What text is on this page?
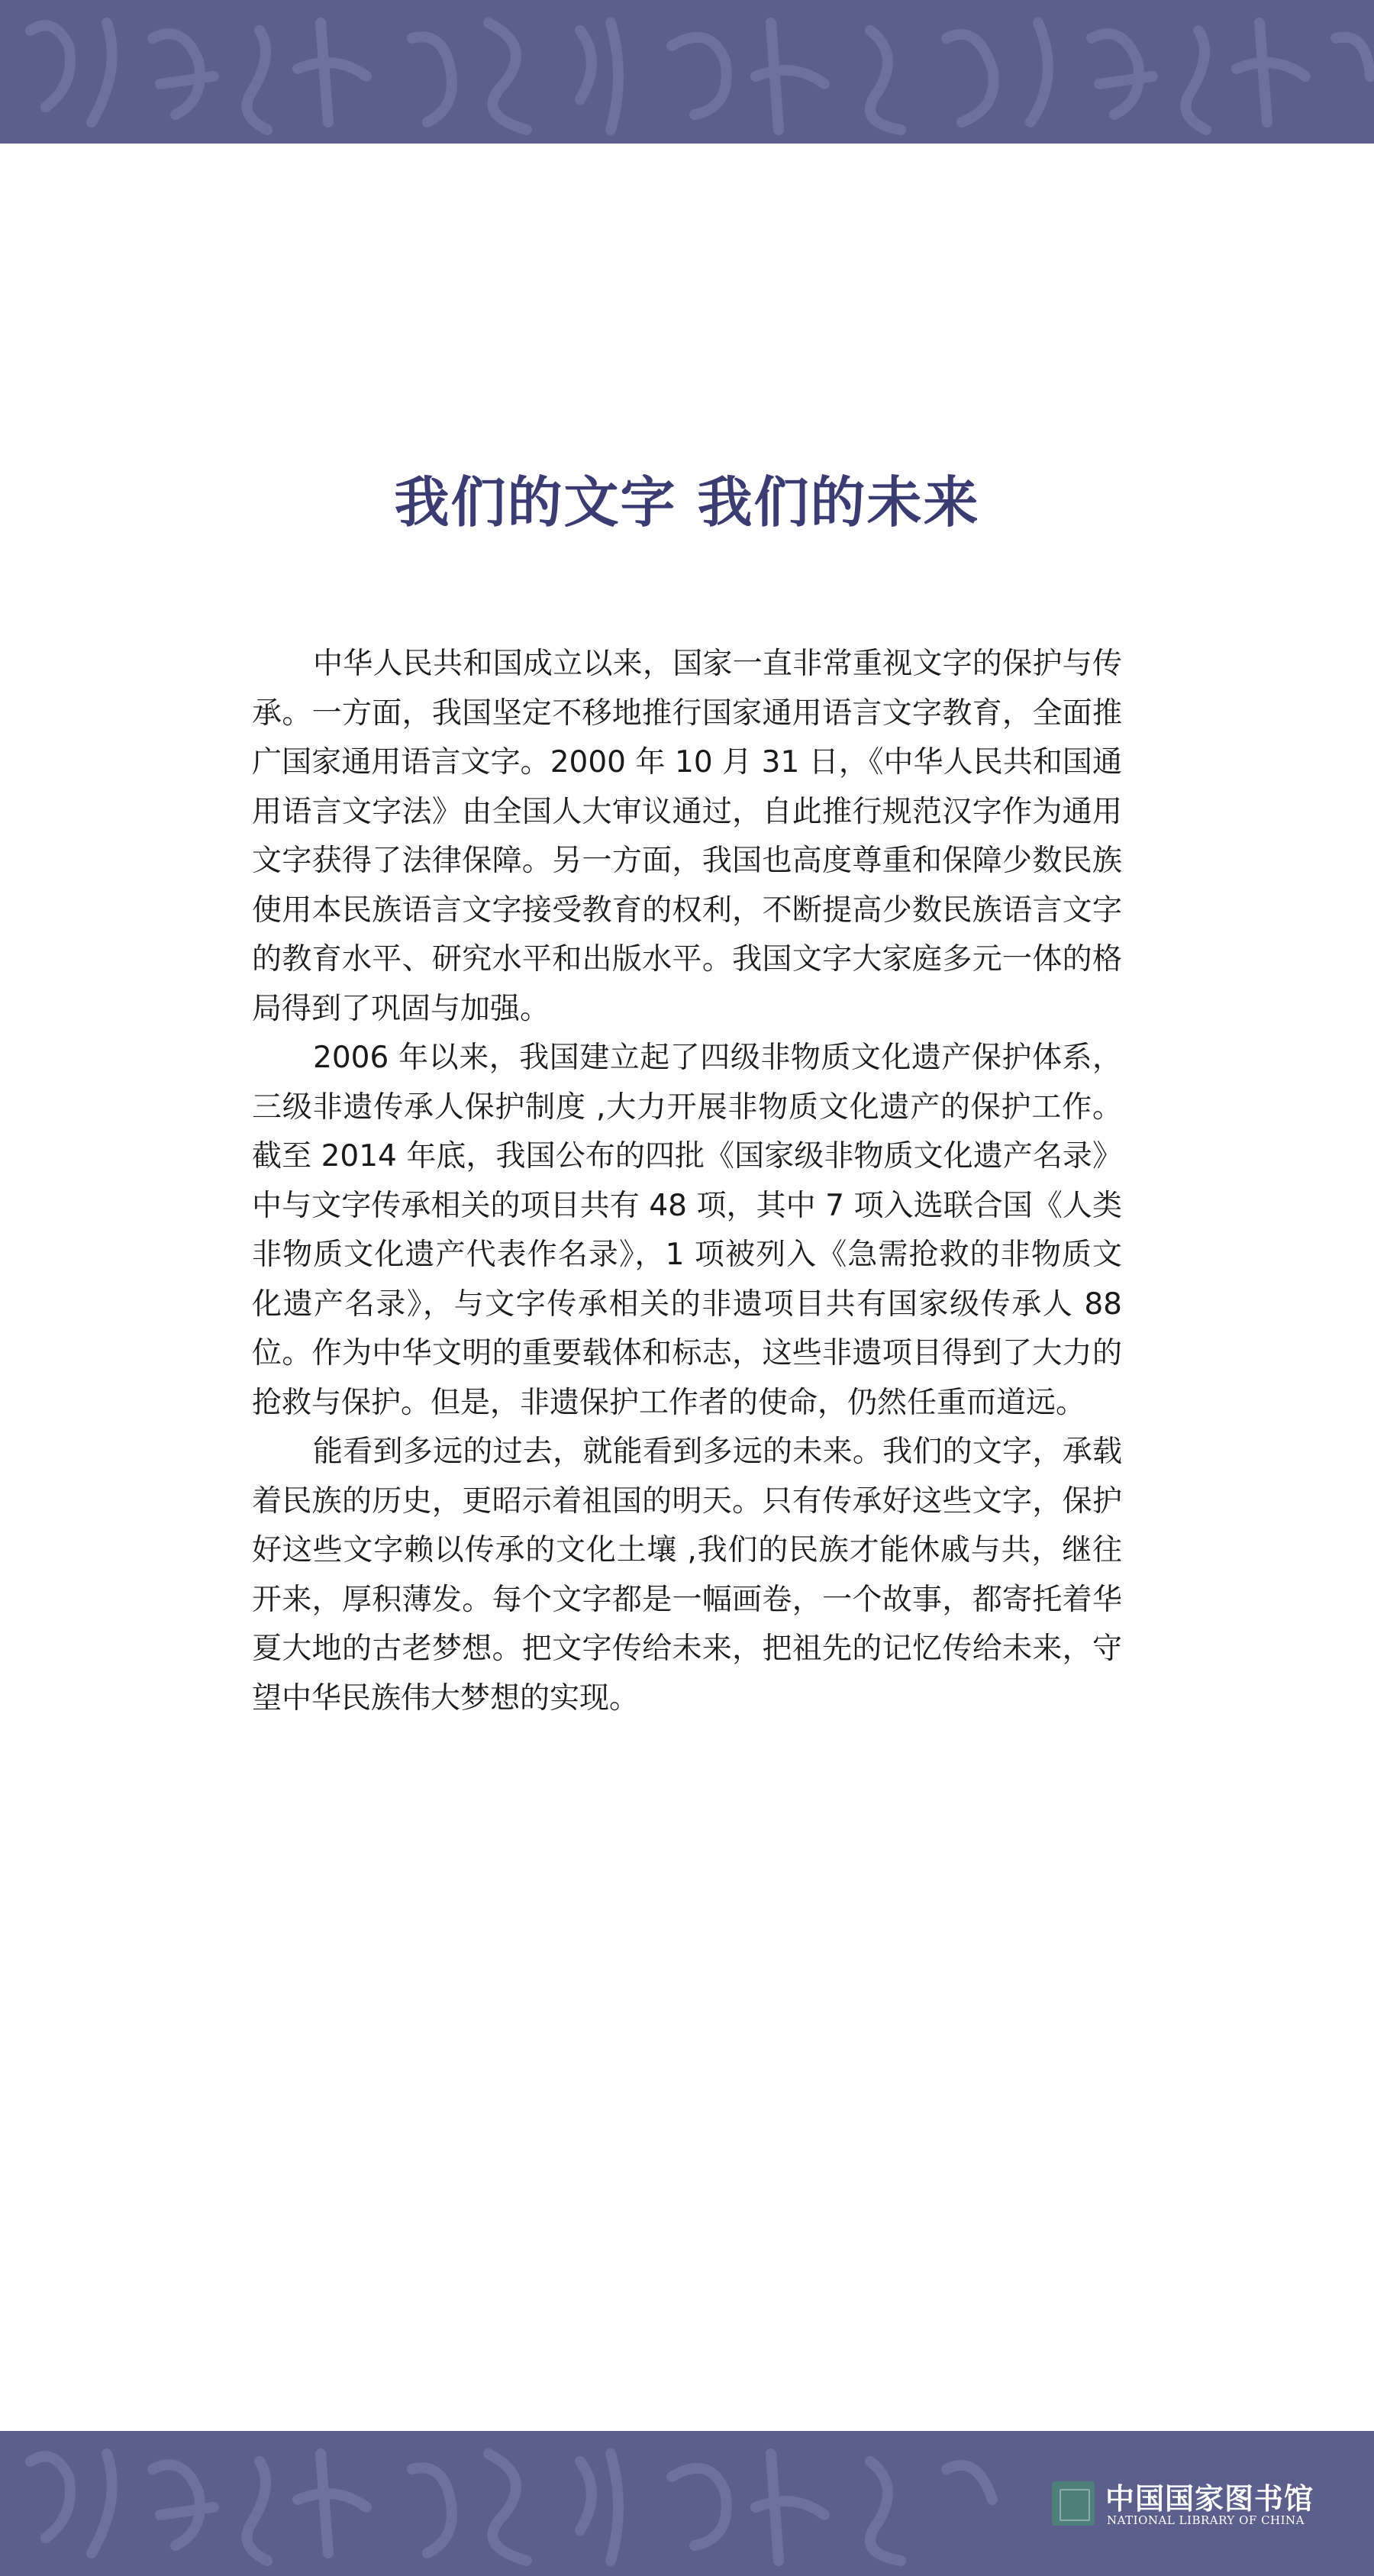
我们的文字 我们的未来

中华人民共和国成立以来，国家一直非常重视文字的保护与传承。一方面，我国坚定不移地推行国家通用语言文字教育，全面推广国家通用语言文字。2000 年 10 月 31 日，《中华人民共和国通用语言文字法》由全国人大审议通过，自此推行规范汉字作为通用文字获得了法律保障。另一方面，我国也高度尊重和保障少数民族使用本民族语言文字接受教育的权利，不断提高少数民族语言文字的教育水平、研究水平和出版水平。我国文字大家庭多元一体的格局得到了巩固与加强。

2006 年以来，我国建立起了四级非物质文化遗产保护体系，三级非遗传承人保护制度 ,大力开展非物质文化遗产的保护工作。截至 2014 年底，我国公布的四批《国家级非物质文化遗产名录》中与文字传承相关的项目共有 48 项，其中 7 项入选联合国《人类非物质文化遗产代表作名录》，1 项被列入《急需抢救的非物质文化遗产名录》，与文字传承相关的非遗项目共有国家级传承人 88 位。作为中华文明的重要载体和标志，这些非遗项目得到了大力的抢救与保护。但是，非遗保护工作者的使命，仍然任重而道远。

能看到多远的过去，就能看到多远的未来。我们的文字，承载着民族的历史，更昭示着祖国的明天。只有传承好这些文字，保护好这些文字赖以传承的文化土壤 ,我们的民族才能休戚与共，继往开来，厚积薄发。每个文字都是一幅画卷，一个故事，都寄托着华夏大地的古老梦想。把文字传给未来，把祖先的记忆传给未来，守望中华民族伟大梦想的实现。

中国国家图书馆
NATIONAL LIBRARY OF CHINA
